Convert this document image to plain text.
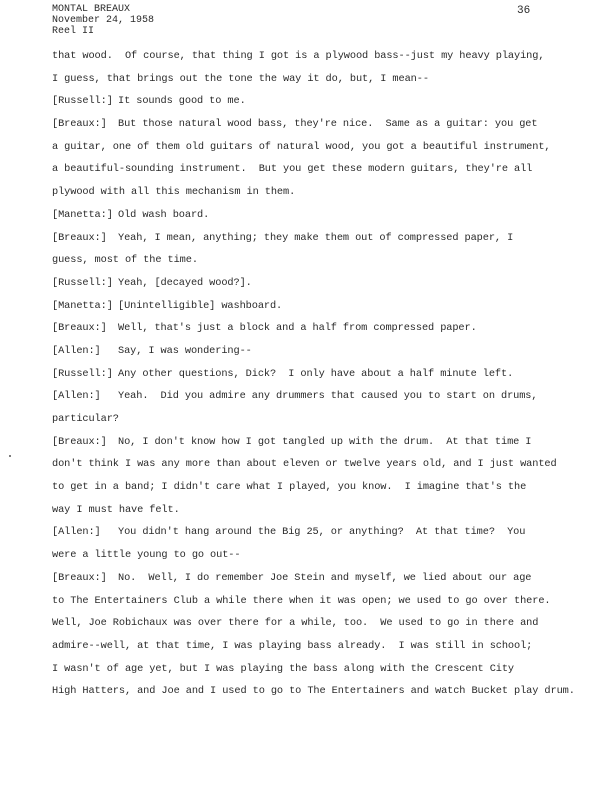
MONTAL BREAUX
November 24, 1958
Reel II
36
that wood.  Of course, that thing I got is a plywood bass--just my heavy playing,
I guess, that brings out the tone the way it do, but, I mean--
[Russell:] It sounds good to me.
[Breaux:] But those natural wood bass, they're nice.  Same as a guitar: you get
a guitar, one of them old guitars of natural wood, you got a beautiful instrument,
a beautiful-sounding instrument.  But you get these modern guitars, they're all
plywood with all this mechanism in them.
[Manetta:] Old wash board.
[Breaux:] Yeah, I mean, anything; they make them out of compressed paper, I
guess, most of the time.
[Russell:] Yeah, [decayed wood?].
[Manetta:] [Unintelligible] washboard.
[Breaux:] Well, that's just a block and a half from compressed paper.
[Allen:] Say, I was wondering--
[Russell:] Any other questions, Dick?  I only have about a half minute left.
[Allen:] Yeah.  Did you admire any drummers that caused you to start on drums,
particular?
[Breaux:] No, I don't know how I got tangled up with the drum.  At that time I
don't think I was any more than about eleven or twelve years old, and I just wanted
to get in a band; I didn't care what I played, you know.  I imagine that's the
way I must have felt.
[Allen:] You didn't hang around the Big 25, or anything?  At that time?  You
were a little young to go out--
[Breaux:] No.  Well, I do remember Joe Stein and myself, we lied about our age
to The Entertainers Club a while there when it was open; we used to go over there.
Well, Joe Robichaux was over there for a while, too.  We used to go in there and
admire--well, at that time, I was playing bass already.  I was still in school;
I wasn't of age yet, but I was playing the bass along with the Crescent City
High Hatters, and Joe and I used to go to The Entertainers and watch Bucket play drum.
